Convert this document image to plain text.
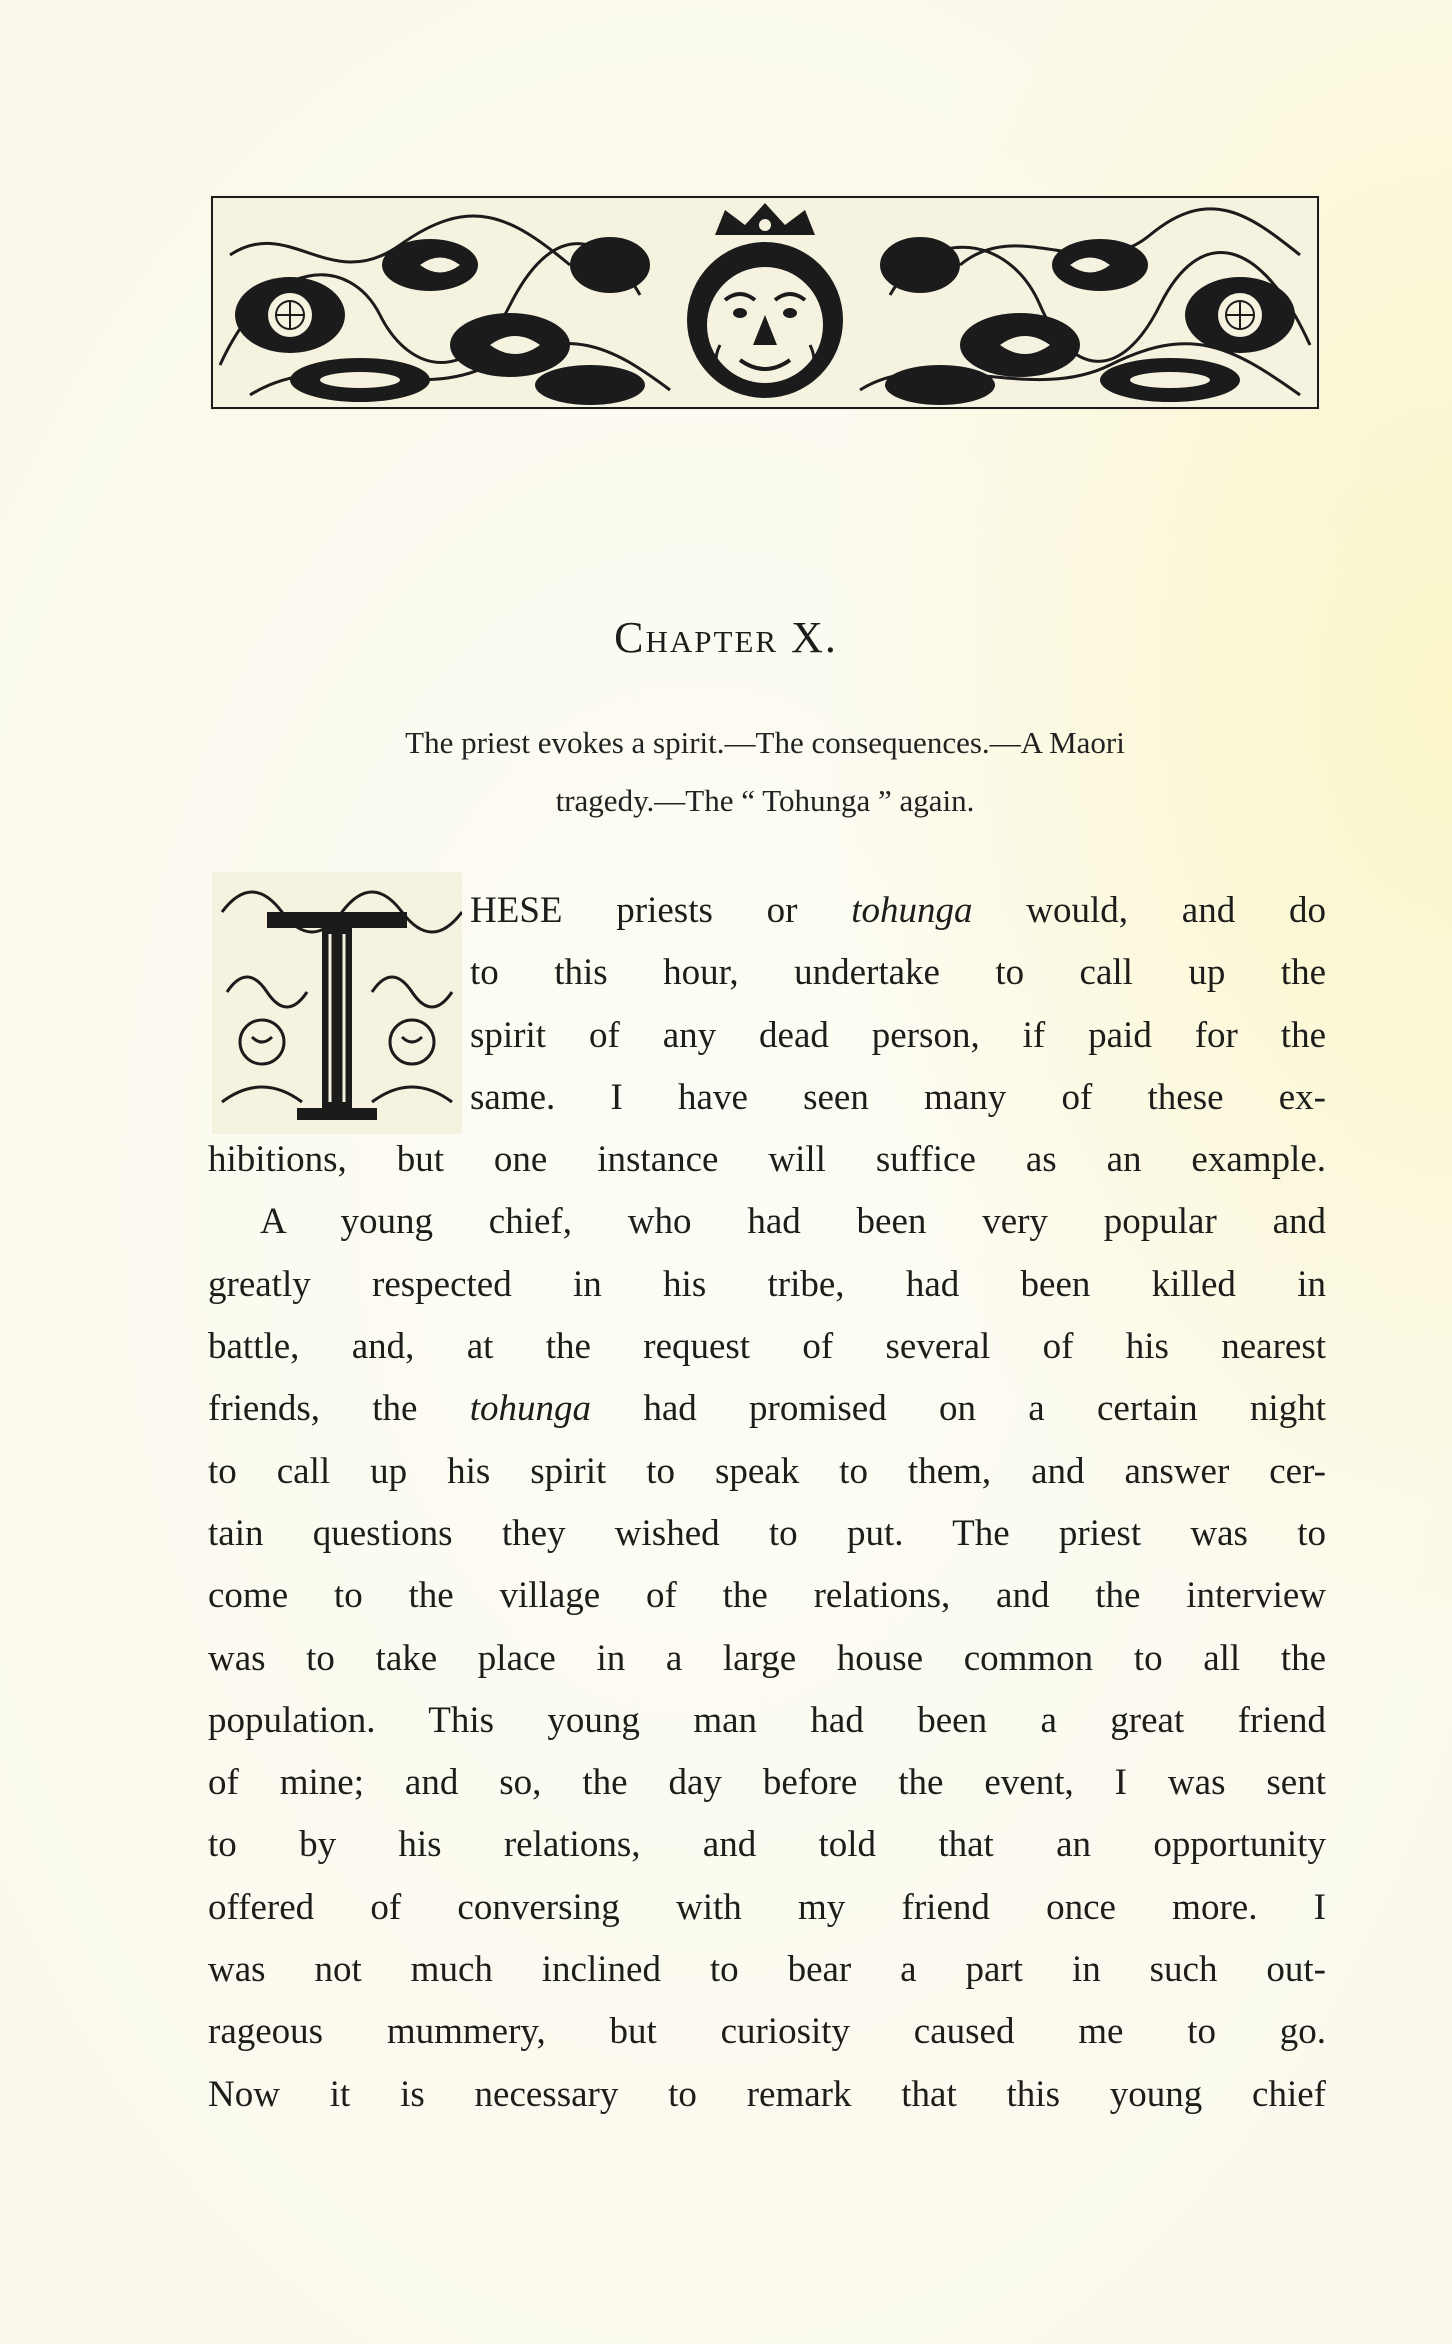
Chapter X.
The priest evokes a spirit.—The consequences.—A Maori
tragedy.—The “ Tohunga ” again.
T
HESE priests or tohunga would, and do
to this hour, undertake to call up the
spirit of any dead person, if paid for the
same. I have seen many of these ex-
hibitions, but one instance will suffice as an example.
A young chief, who had been very popular and
greatly respected in his tribe, had been killed in
battle, and, at the request of several of his nearest
friends, the tohunga had promised on a certain night
to call up his spirit to speak to them, and answer cer-
tain questions they wished to put. The priest was to
come to the village of the relations, and the interview
was to take place in a large house common to all the
population. This young man had been a great friend
of mine; and so, the day before the event, I was sent
to by his relations, and told that an opportunity
offered of conversing with my friend once more. I
was not much inclined to bear a part in such out-
rageous mummery, but curiosity caused me to go.
Now it is necessary to remark that this young chief
